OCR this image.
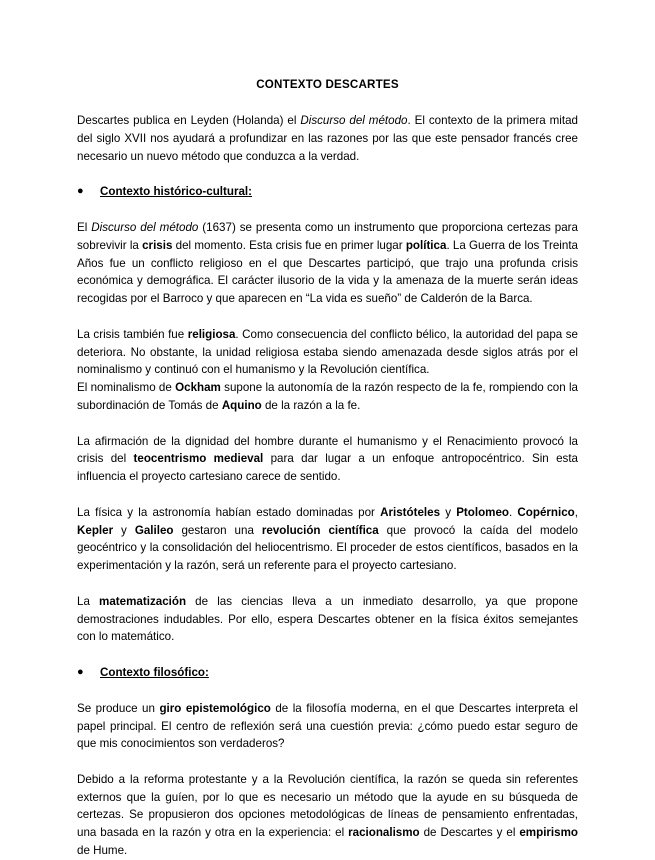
CONTEXTO DESCARTES

Descartes publica en Leyden (Holanda) el Discurso del método. El contexto de la primera mitad del siglo XVII nos ayudará a profundizar en las razones por las que este pensador francés cree necesario un nuevo método que conduzca a la verdad.

● Contexto histórico-cultural:

El Discurso del método (1637) se presenta como un instrumento que proporciona certezas para sobrevivir la crisis del momento. Esta crisis fue en primer lugar política. La Guerra de los Treinta Años fue un conflicto religioso en el que Descartes participó, que trajo una profunda crisis económica y demográfica. El carácter ilusorio de la vida y la amenaza de la muerte serán ideas recogidas por el Barroco y que aparecen en “La vida es sueño” de Calderón de la Barca.

La crisis también fue religiosa. Como consecuencia del conflicto bélico, la autoridad del papa se deteriora. No obstante, la unidad religiosa estaba siendo amenazada desde siglos atrás por el nominalismo y continuó con el humanismo y la Revolución científica.

El nominalismo de Ockham supone la autonomía de la razón respecto de la fe, rompiendo con la subordinación de Tomás de Aquino de la razón a la fe.

La afirmación de la dignidad del hombre durante el humanismo y el Renacimiento provocó la crisis del teocentrismo medieval para dar lugar a un enfoque antropocéntrico. Sin esta influencia el proyecto cartesiano carece de sentido.

La física y la astronomía habían estado dominadas por Aristóteles y Ptolomeo. Copérnico, Kepler y Galileo gestaron una revolución científica que provocó la caída del modelo geocéntrico y la consolidación del heliocentrismo. El proceder de estos científicos, basados en la experimentación y la razón, será un referente para el proyecto cartesiano.

La matematización de las ciencias lleva a un inmediato desarrollo, ya que propone demostraciones indudables. Por ello, espera Descartes obtener en la física éxitos semejantes con lo matemático.

● Contexto filosófico:

Se produce un giro epistemológico de la filosofía moderna, en el que Descartes interpreta el papel principal. El centro de reflexión será una cuestión previa: ¿cómo puedo estar seguro de que mis conocimientos son verdaderos?

Debido a la reforma protestante y a la Revolución científica, la razón se queda sin referentes externos que la guíen, por lo que es necesario un método que la ayude en su búsqueda de certezas. Se propusieron dos opciones metodológicas de líneas de pensamiento enfrentadas, una basada en la razón y otra en la experiencia: el racionalismo de Descartes y el empirismo de Hume.
